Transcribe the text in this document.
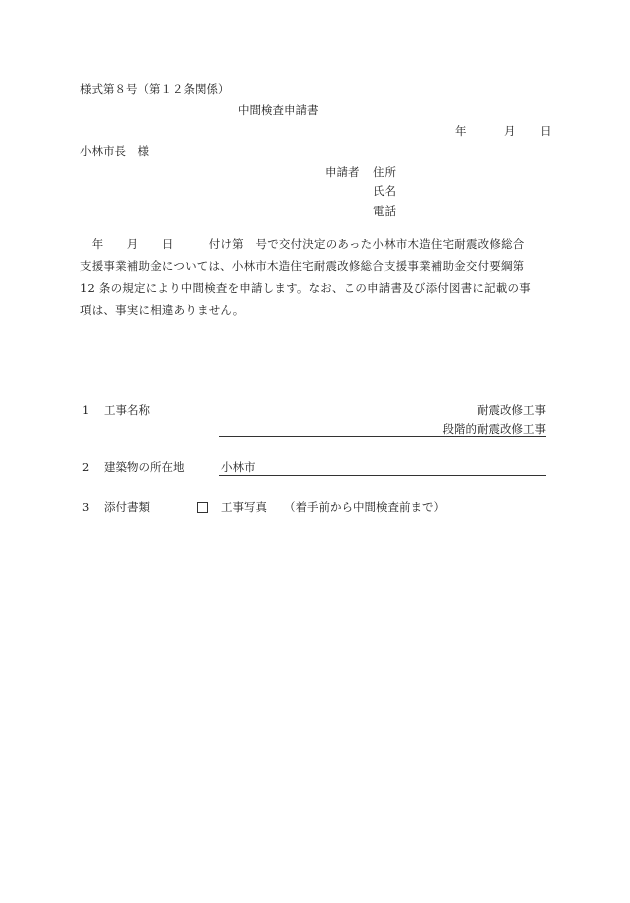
様式第８号（第１２条関係）
中間検査申請書
年	月 日
小林市長　様
申請者 住所
氏名
電話
　年　　月　　日　　　付け第　号で交付決定のあった小林市木造住宅耐震改修総合
支援事業補助金については、小林市木造住宅耐震改修総合支援事業補助金交付要綱第
12 条の規定により中間検査を申請します。なお、この申請書及び添付図書に記載の事
項は、事実に相違ありません。
1 工事名称	耐震改修工事
段階的耐震改修工事
2 建築物の所在地	小林市
3 添付書類	工事写真 （着手前から中間検査前まで）
